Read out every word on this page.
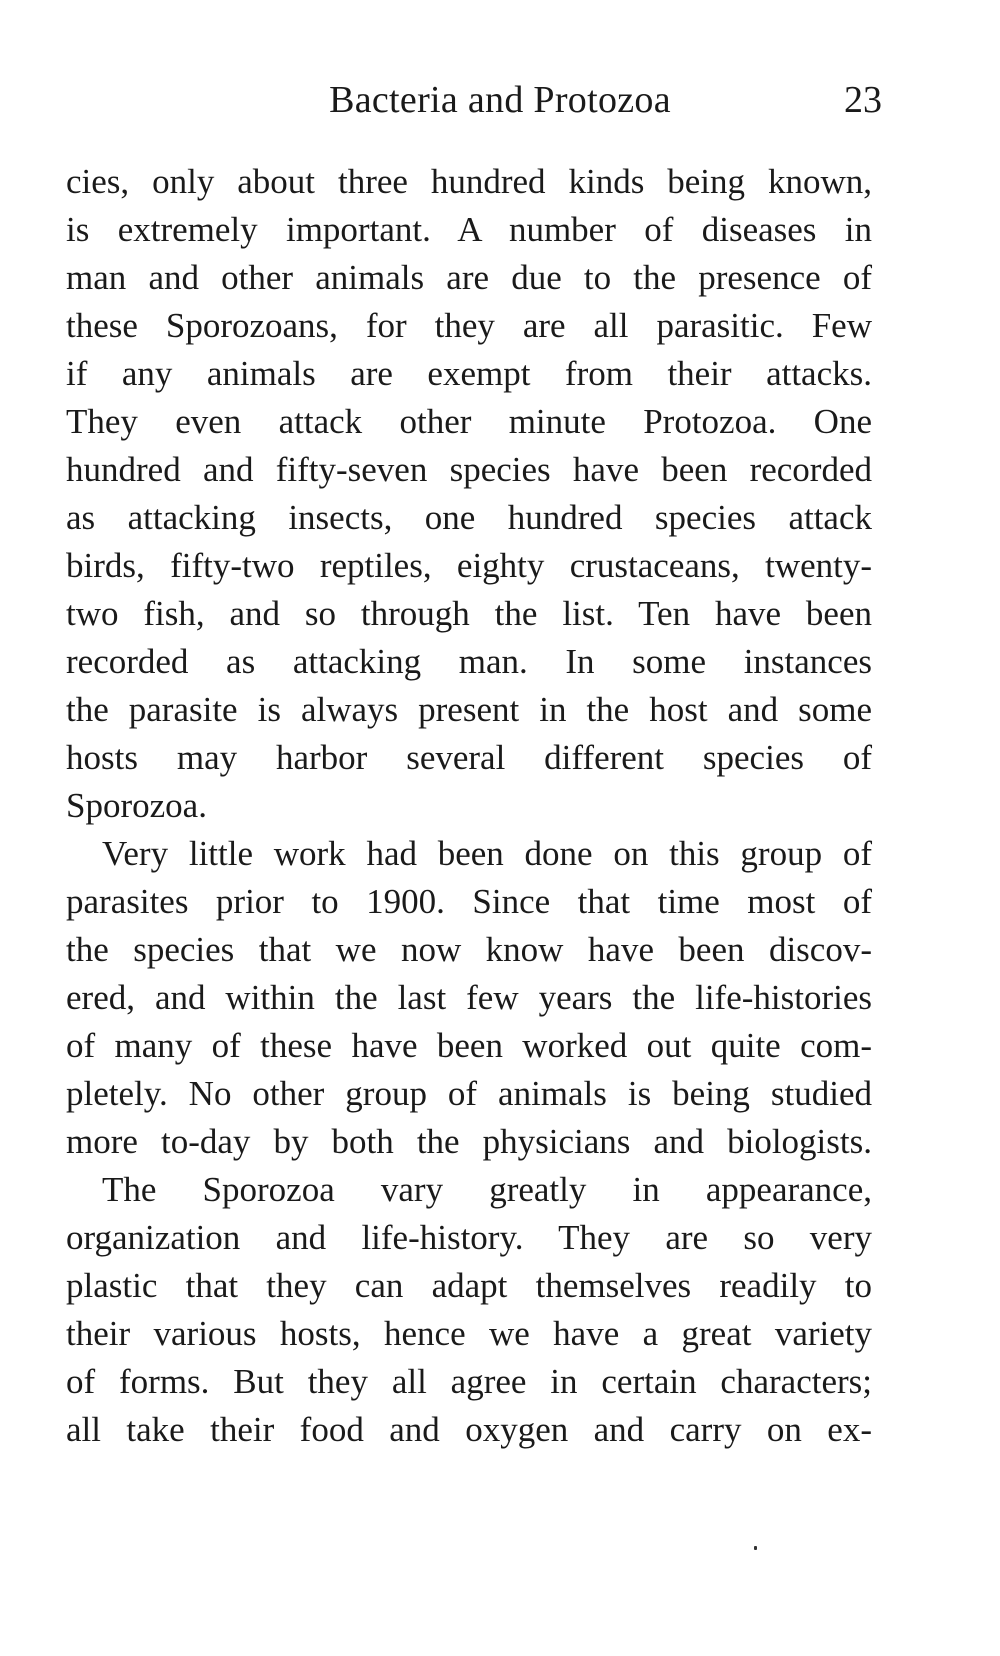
Bacteria and Protozoa	23
cies, only about three hundred kinds being known,
is extremely important. A number of diseases in
man and other animals are due to the presence of
these Sporozoans, for they are all parasitic. Few
if any animals are exempt from their attacks.
They even attack other minute Protozoa. One
hundred and fifty-seven species have been recorded
as attacking insects, one hundred species attack
birds, fifty-two reptiles, eighty crustaceans, twenty-
two fish, and so through the list. Ten have been
recorded as attacking man. In some instances
the parasite is always present in the host and some
hosts may harbor several different species of
Sporozoa.
Very little work had been done on this group of
parasites prior to 1900. Since that time most of
the species that we now know have been discov-
ered, and within the last few years the life-histories
of many of these have been worked out quite com-
pletely. No other group of animals is being studied
more to-day by both the physicians and biologists.
The Sporozoa vary greatly in appearance,
organization and life-history. They are so very
plastic that they can adapt themselves readily to
their various hosts, hence we have a great variety
of forms. But they all agree in certain characters;
all take their food and oxygen and carry on ex-
